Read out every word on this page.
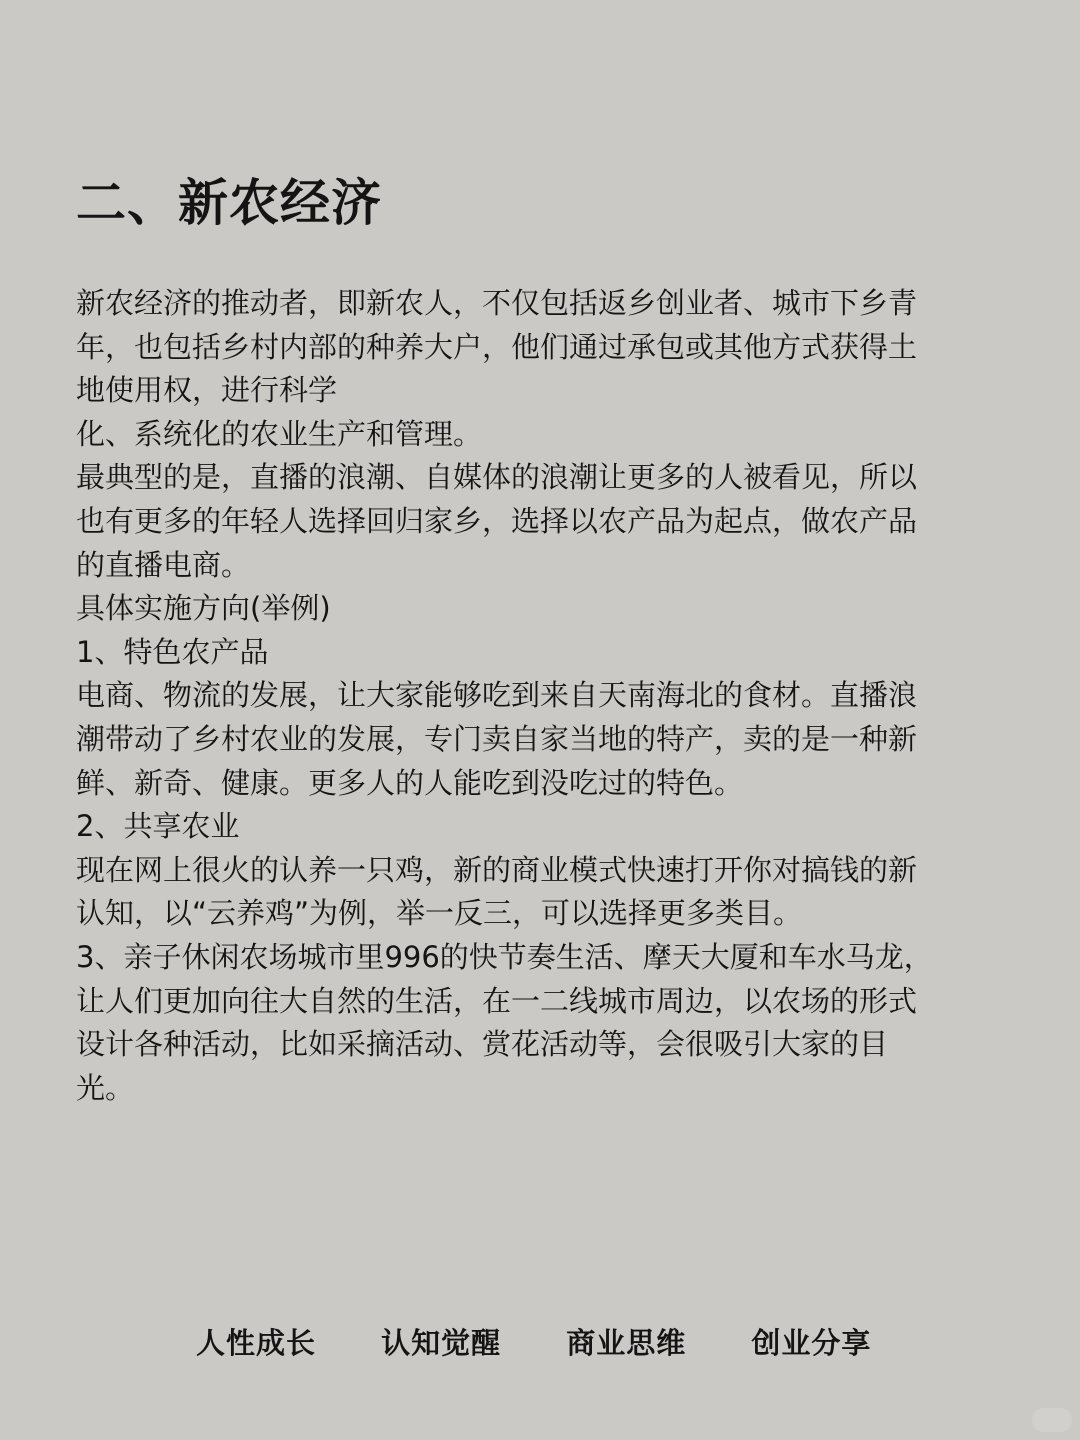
二、新农经济
新农经济的推动者，即新农人，不仅包括返乡创业者、城市下乡青
年，也包括乡村内部的种养大户，他们通过承包或其他方式获得土
地使用权，进行科学
化、系统化的农业生产和管理。
最典型的是，直播的浪潮、自媒体的浪潮让更多的人被看见，所以
也有更多的年轻人选择回归家乡，选择以农产品为起点，做农产品
的直播电商。
具体实施方向(举例)
1、特色农产品
电商、物流的发展，让大家能够吃到来自天南海北的食材。直播浪
潮带动了乡村农业的发展，专门卖自家当地的特产，卖的是一种新
鲜、新奇、健康。更多人的人能吃到没吃过的特色。
2、共享农业
现在网上很火的认养一只鸡，新的商业模式快速打开你对搞钱的新
认知，以“云养鸡”为例，举一反三，可以选择更多类目。
3、亲子休闲农场城市里996的快节奏生活、摩天大厦和车水马龙，
让人们更加向往大自然的生活，在一二线城市周边，以农场的形式
设计各种活动，比如采摘活动、赏花活动等，会很吸引大家的目
光。
人性成长 认知觉醒 商业思维 创业分享
